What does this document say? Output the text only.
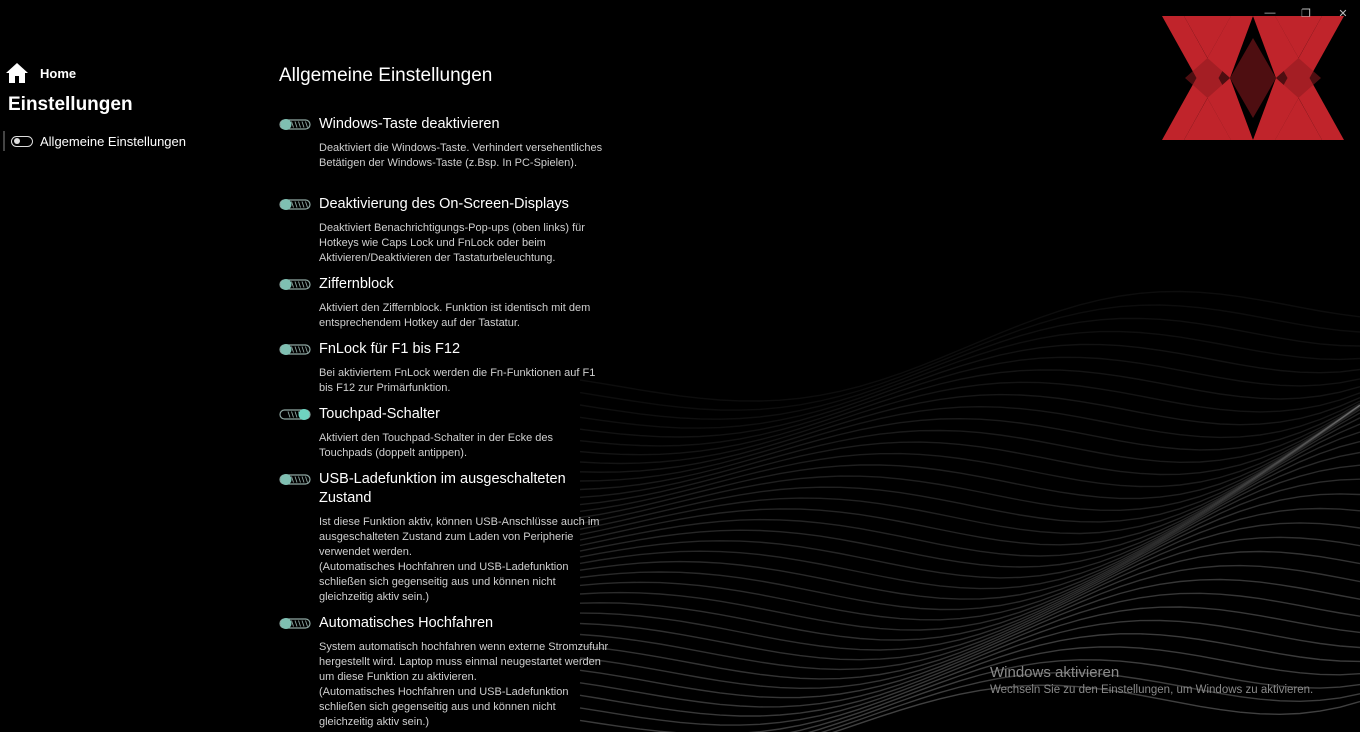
—	❐	✕
Home
Einstellungen
Allgemeine Einstellungen
Allgemeine Einstellungen
Windows-Taste deaktivieren
Deaktiviert die Windows-Taste. Verhindert versehentliches Betätigen der Windows-Taste (z.Bsp. In PC-Spielen).
Deaktivierung des On-Screen-Displays
Deaktiviert Benachrichtigungs-Pop-ups (oben links) für Hotkeys wie Caps Lock und FnLock oder beim Aktivieren/Deaktivieren der Tastaturbeleuchtung.
Ziffernblock
Aktiviert den Ziffernblock. Funktion ist identisch mit dem entsprechendem Hotkey auf der Tastatur.
FnLock für F1 bis F12
Bei aktiviertem FnLock werden die Fn-Funktionen auf F1 bis F12 zur Primärfunktion.
Touchpad-Schalter
Aktiviert den Touchpad-Schalter in der Ecke des Touchpads (doppelt antippen).
USB-Ladefunktion im ausgeschalteten Zustand
Ist diese Funktion aktiv, können USB-Anschlüsse auch im ausgeschalteten Zustand zum Laden von Peripherie verwendet werden.
(Automatisches Hochfahren und USB-Ladefunktion schließen sich gegenseitig aus und können nicht gleichzeitig aktiv sein.)
Automatisches Hochfahren
System automatisch hochfahren wenn externe Stromzufuhr hergestellt wird. Laptop muss einmal neugestartet werden um diese Funktion zu aktivieren.
(Automatisches Hochfahren und USB-Ladefunktion schließen sich gegenseitig aus und können nicht gleichzeitig aktiv sein.)
Windows aktivieren
Wechseln Sie zu den Einstellungen, um Windows zu aktivieren.
